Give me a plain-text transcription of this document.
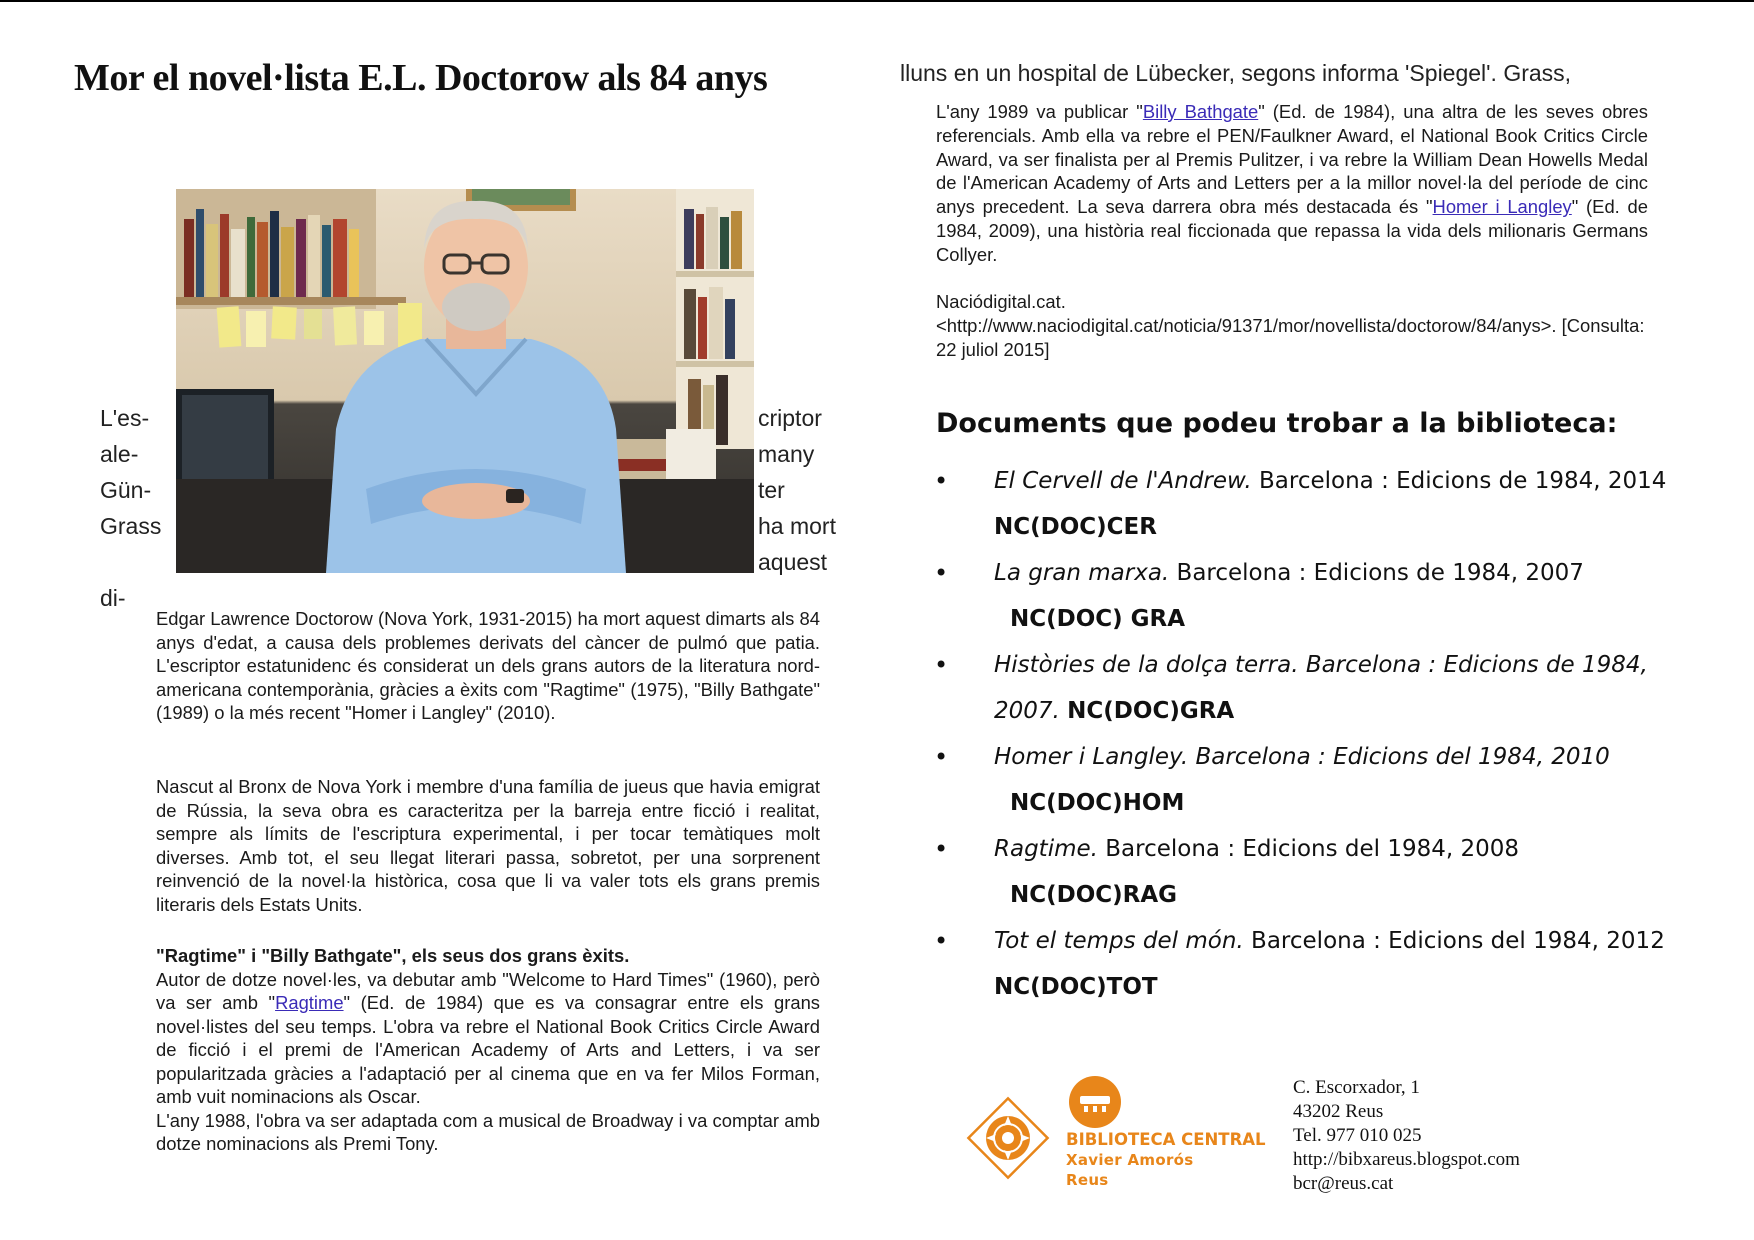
Mor el novel·lista E.L. Doctorow als 84 anys
L'es-
ale-
Gün-
Grass
criptor
many
ter
ha mort
aquest
di-

Edgar Lawrence Doctorow (Nova York, 1931-2015) ha mort aquest dimarts als 84 anys d'edat, a causa dels problemes derivats del càncer de pulmó que patia. L'escriptor estatunidenc és considerat un dels grans autors de la literatura nord-americana contemporània, gràcies a èxits com "Ragtime" (1975), "Billy Bathgate" (1989) o la més recent "Homer i Langley" (2010).

Nascut al Bronx de Nova York i membre d'una família de jueus que havia emigrat de Rússia, la seva obra es caracteritza per la barreja entre ficció i realitat, sempre als límits de l'escriptura experimental, i per tocar temàtiques molt diverses. Amb tot, el seu llegat literari passa, sobretot, per una sorprenent reinvenció de la novel·la històrica, cosa que li va valer tots els grans premis literaris dels Estats Units.

"Ragtime" i "Billy Bathgate", els seus dos grans èxits.

Autor de dotze novel·les, va debutar amb "Welcome to Hard Times" (1960), però va ser amb "Ragtime" (Ed. de 1984) que es va consagrar entre els grans novel·listes del seu temps. L'obra va rebre el National Book Critics Circle Award de ficció i el premi de l'American Academy of Arts and Letters, i va ser popularitzada gràcies a l'adaptació per al cinema que en va fer Milos Forman, amb vuit nominacions als Oscar.

L'any 1988, l'obra va ser adaptada com a musical de Broadway i va comptar amb dotze nominacions als Premi Tony.

lluns en un hospital de Lübecker, segons informa 'Spiegel'. Grass,

L'any 1989 va publicar "Billy Bathgate" (Ed. de 1984), una altra de les seves obres referencials. Amb ella va rebre el PEN/Faulkner Award, el National Book Critics Circle Award, va ser finalista per al Premis Pulitzer, i va rebre la William Dean Howells Medal de l'American Academy of Arts and Letters per a la millor novel·la del període de cinc anys precedent. La seva darrera obra més destacada és "Homer i Langley" (Ed. de 1984, 2009), una història real ficcionada que repassa la vida dels milionaris Germans Collyer.

Naciódigital.cat.<http://www.naciodigital.cat/noticia/91371/mor/novellista/doctorow/84/anys>. [Consulta: 22 juliol 2015]
Documents que podeu trobar a la biblioteca:
• El Cervell de l'Andrew. Barcelona : Edicions de 1984, 2014
NC(DOC)CER
• La gran marxa. Barcelona : Edicions de 1984, 2007
NC(DOC) GRA
• Històries de la dolça terra. Barcelona : Edicions de 1984, 2007. NC(DOC)GRA
• Homer i Langley. Barcelona : Edicions del 1984, 2010
NC(DOC)HOM
• Ragtime. Barcelona : Edicions del 1984, 2008
NC(DOC)RAG
• Tot el temps del món. Barcelona : Edicions del 1984, 2012
NC(DOC)TOT
BIBLIOTECA CENTRAL
Xavier Amorós
Reus
C. Escorxador, 1
43202 Reus
Tel. 977 010 025
http://bibxareus.blogspot.com
bcr@reus.cat
